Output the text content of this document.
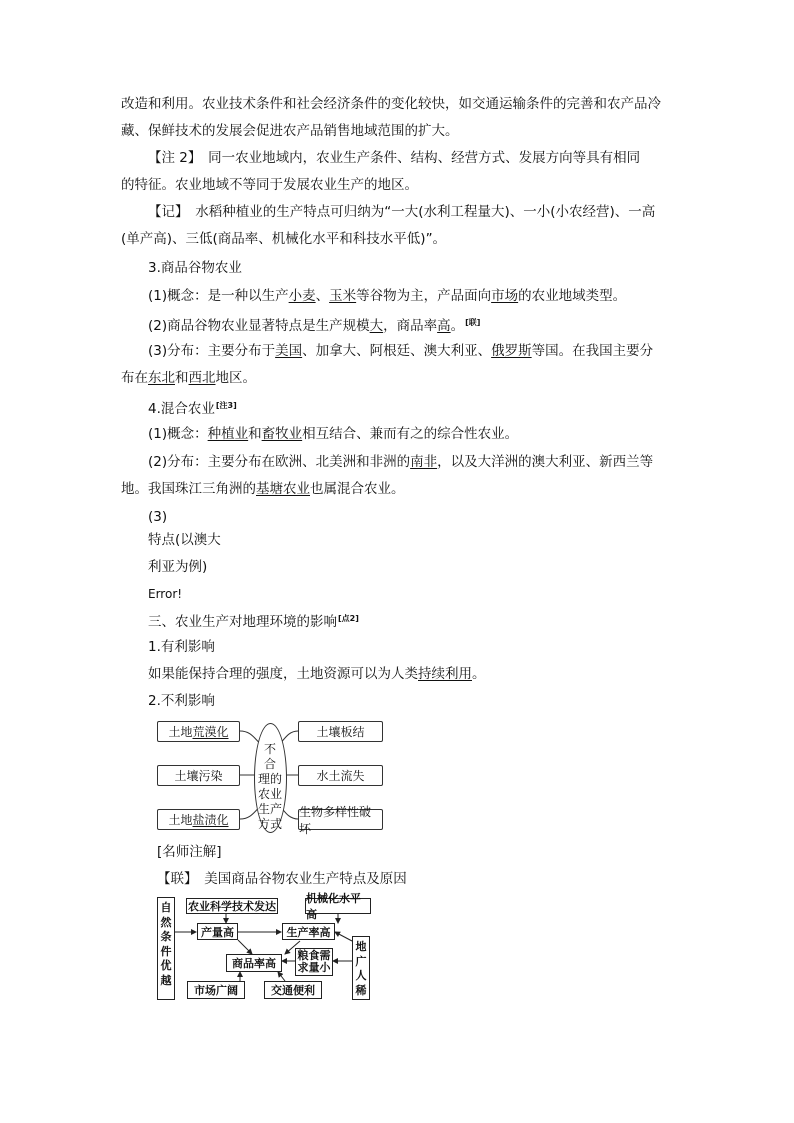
改造和利用。农业技术条件和社会经济条件的变化较快，如交通运输条件的完善和农产品冷
藏、保鲜技术的发展会促进农产品销售地域范围的扩大。
【注 2】　同一农业地域内，农业生产条件、结构、经营方式、发展方向等具有相同
的特征。农业地域不等同于发展农业生产的地区。
【记】　水稻种植业的生产特点可归纳为“一大(水利工程量大)、一小(小农经营)、一高
(单产高)、三低(商品率、机械化水平和科技水平低)”。
3.商品谷物农业
(1)概念：是一种以生产小麦、玉米等谷物为主，产品面向市场的农业地域类型。
(2)商品谷物农业显著特点是生产规模大，商品率高。[联]
(3)分布：主要分布于美国、加拿大、阿根廷、澳大利亚、俄罗斯等国。在我国主要分
布在东北和西北地区。
4.混合农业[注3]
(1)概念：种植业和畜牧业相互结合、兼而有之的综合性农业。
(2)分布：主要分布在欧洲、北美洲和非洲的南非，以及大洋洲的澳大利亚、新西兰等
地。我国珠江三角洲的基塘农业也属混合农业。
(3)
特点(以澳大
利亚为例)
Error!
三、农业生产对地理环境的影响[点2]
1.有利影响
如果能保持合理的强度，土地资源可以为人类持续利用。
2.不利影响
土地 荒漠化
土壤污染
土地 盐渍化
土壤板结
水土流失
生物多样性破坏
不
合
理的
农业
生产
方式
[名师注解]
【联】　美国商品谷物农业生产特点及原因
自
然
条
件
优
越
地
广
人
稀
农业科学技术发达
机械化水平高
产量高	生产率高
商品率高
粮食需
求量小
市场广阔	交通便利
